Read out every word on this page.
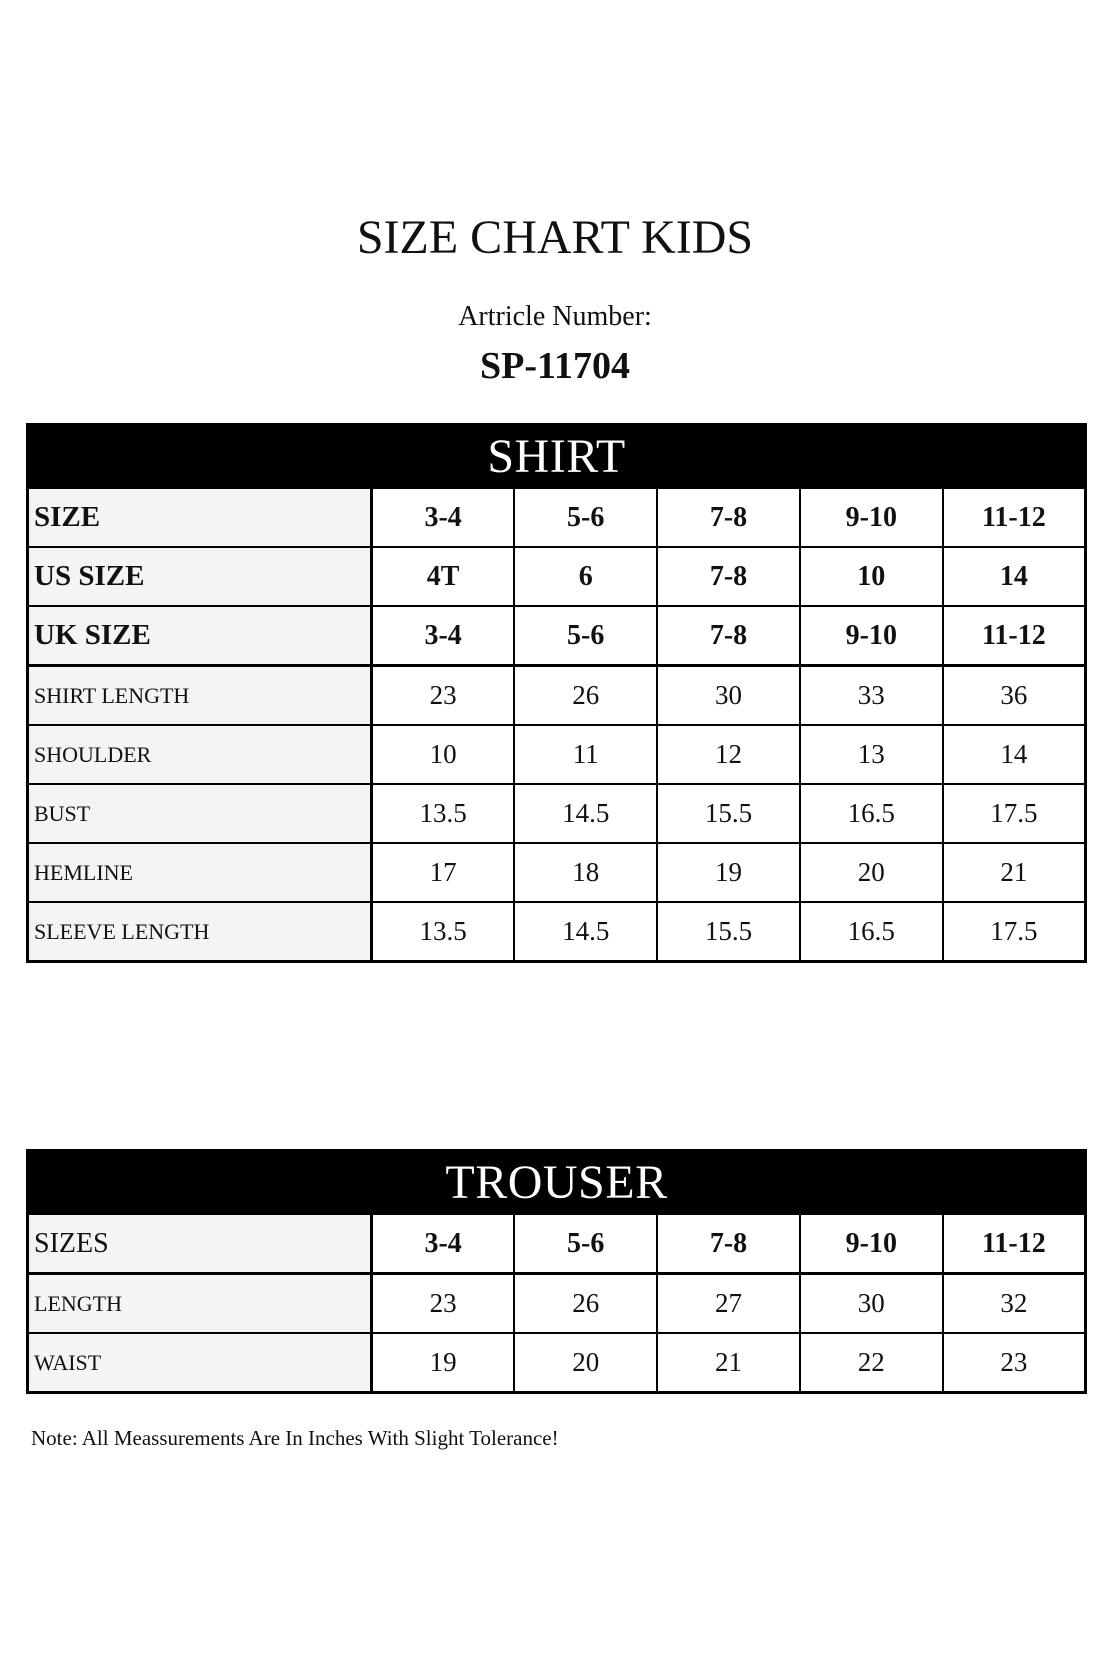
SIZE CHART KIDS
Artricle Number:
SP-11704
SHIRT					
SIZE	3-4	5-6	7-8	9-10	11-12
US SIZE	4T	6	7-8	10	14
UK SIZE	3-4	5-6	7-8	9-10	11-12
SHIRT LENGTH	23	26	30	33	36
SHOULDER	10	11	12	13	14
BUST	13.5	14.5	15.5	16.5	17.5
HEMLINE	17	18	19	20	21
SLEEVE LENGTH	13.5	14.5	15.5	16.5	17.5
TROUSER					
SIZES	3-4	5-6	7-8	9-10	11-12
LENGTH	23	26	27	30	32
WAIST	19	20	21	22	23
Note: All Meassurements Are In Inches With Slight Tolerance!
